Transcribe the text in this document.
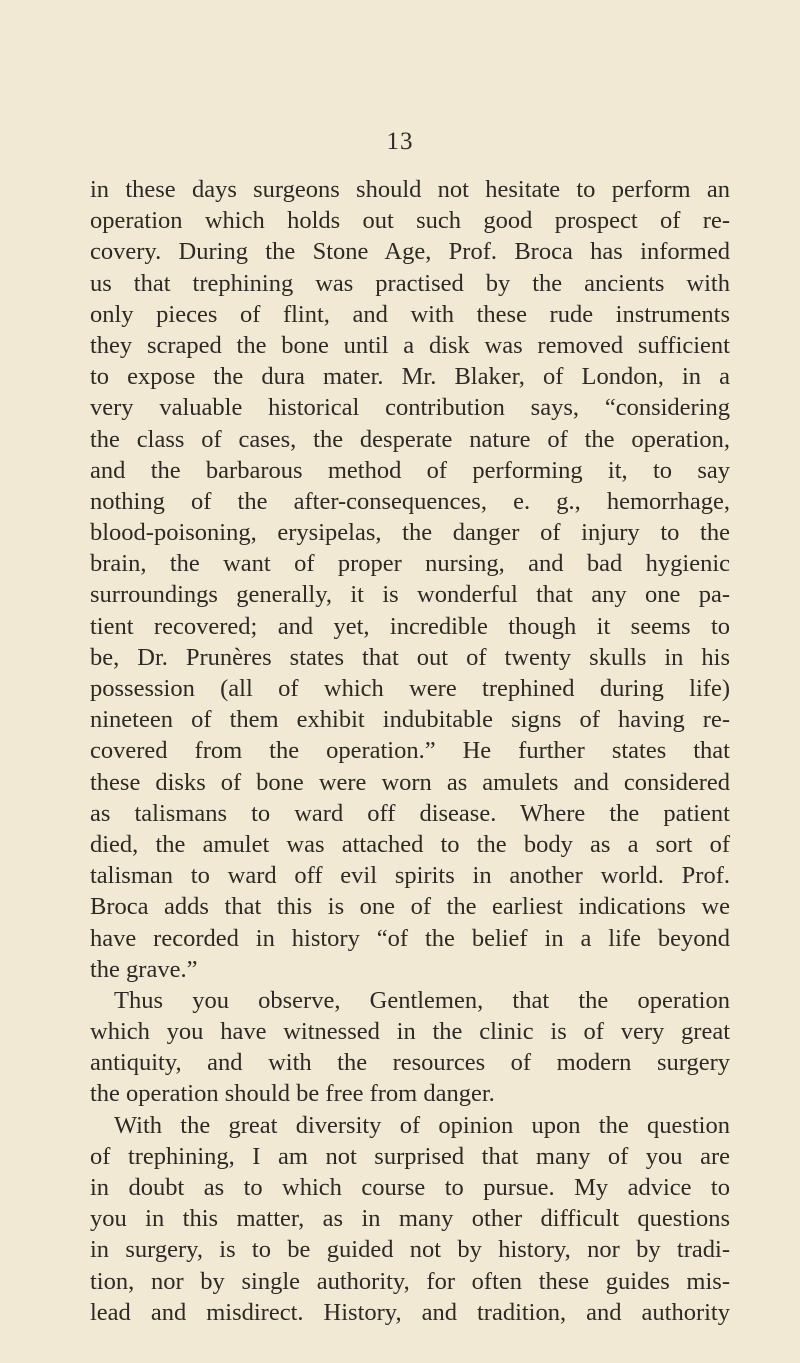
13
in these days surgeons should not hesitate to perform an
operation which holds out such good prospect of re-
covery. During the Stone Age, Prof. Broca has informed
us that trephining was practised by the ancients with
only pieces of flint, and with these rude instruments
they scraped the bone until a disk was removed sufficient
to expose the dura mater. Mr. Blaker, of London, in a
very valuable historical contribution says, “considering
the class of cases, the desperate nature of the operation,
and the barbarous method of performing it, to say
nothing of the after-consequences, e. g., hemorrhage,
blood-poisoning, erysipelas, the danger of injury to the
brain, the want of proper nursing, and bad hygienic
surroundings generally, it is wonderful that any one pa-
tient recovered; and yet, incredible though it seems to
be, Dr. Prunères states that out of twenty skulls in his
possession (all of which were trephined during life)
nineteen of them exhibit indubitable signs of having re-
covered from the operation.” He further states that
these disks of bone were worn as amulets and considered
as talismans to ward off disease. Where the patient
died, the amulet was attached to the body as a sort of
talisman to ward off evil spirits in another world. Prof.
Broca adds that this is one of the earliest indications we
have recorded in history “of the belief in a life beyond
the grave.”
Thus you observe, Gentlemen, that the operation
which you have witnessed in the clinic is of very great
antiquity, and with the resources of modern surgery
the operation should be free from danger.
With the great diversity of opinion upon the question
of trephining, I am not surprised that many of you are
in doubt as to which course to pursue. My advice to
you in this matter, as in many other difficult questions
in surgery, is to be guided not by history, nor by tradi-
tion, nor by single authority, for often these guides mis-
lead and misdirect. History, and tradition, and authority
